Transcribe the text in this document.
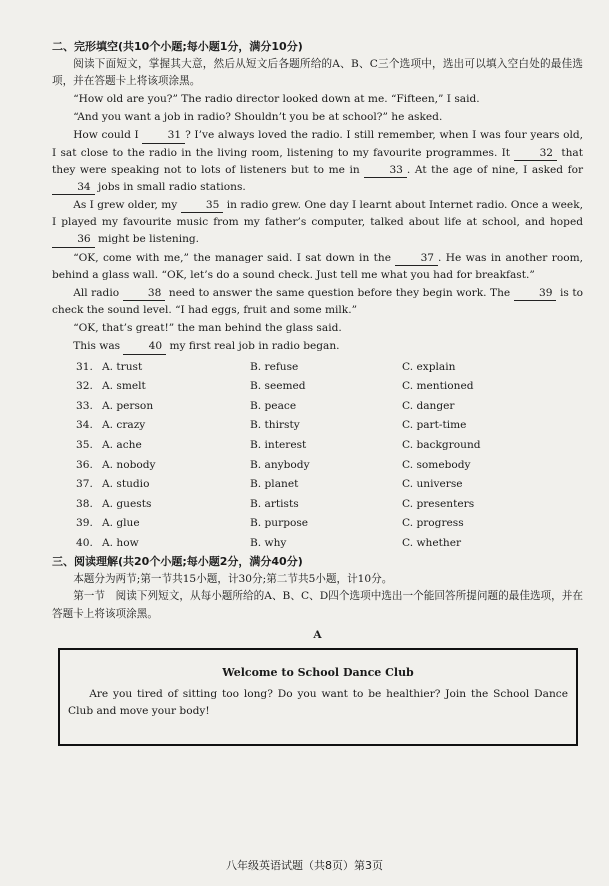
二、完形填空(共10个小题;每小题1分，满分10分)

阅读下面短文，掌握其大意，然后从短文后各题所给的A、B、C三个选项中，选出可以填入空白处的最佳选项，并在答题卡上将该项涂黑。

“How old are you?” The radio director looked down at me. “Fifteen,” I said.

“And you want a job in radio? Shouldn’t you be at school?” he asked.

How could I	31 ? I’ve always loved the radio. I still remember, when I was four years old, I sat close to the radio in the living room, listening to my favourite programmes. It	32 that they were speaking not to lots of listeners but to me in	33 . At the age of nine, I asked for 34 jobs in small radio stations.

As I grew older, my	35 in radio grew. One day I learnt about Internet radio. Once a week, I played my favourite music from my father’s computer, talked about life at school, and hoped 36 might be listening.

“OK, come with me,” the manager said. I sat down in the	37 . He was in another room, behind a glass wall. “OK, let’s do a sound check. Just tell me what you had for breakfast.”

All radio	38 need to answer the same question before they begin work. The	39 is to check the sound level. “I had eggs, fruit and some milk.”

“OK, that’s great!” the man behind the glass said.

This was	40 my first real job in radio began.

31. A. trust	B. refuse	C. explain
32. A. smelt	B. seemed	C. mentioned
33. A. person	B. peace	C. danger
34. A. crazy	B. thirsty	C. part-time
35. A. ache	B. interest	C. background
36. A. nobody	B. anybody	C. somebody
37. A. studio	B. planet	C. universe
38. A. guests	B. artists	C. presenters
39. A. glue	B. purpose	C. progress
40. A. how	B. why	C. whether
三、阅读理解(共20个小题;每小题2分，满分40分)

本题分为两节;第一节共15小题，计30分;第二节共5小题，计10分。

第一节　阅读下列短文，从每小题所给的A、B、C、D四个选项中选出一个能回答所提问题的最佳选项，并在答题卡上将该项涂黑。

A
Welcome to School Dance Club

Are you tired of sitting too long? Do you want to be healthier? Join the School Dance Club and move your body!

八年级英语试题（共8页）第3页
